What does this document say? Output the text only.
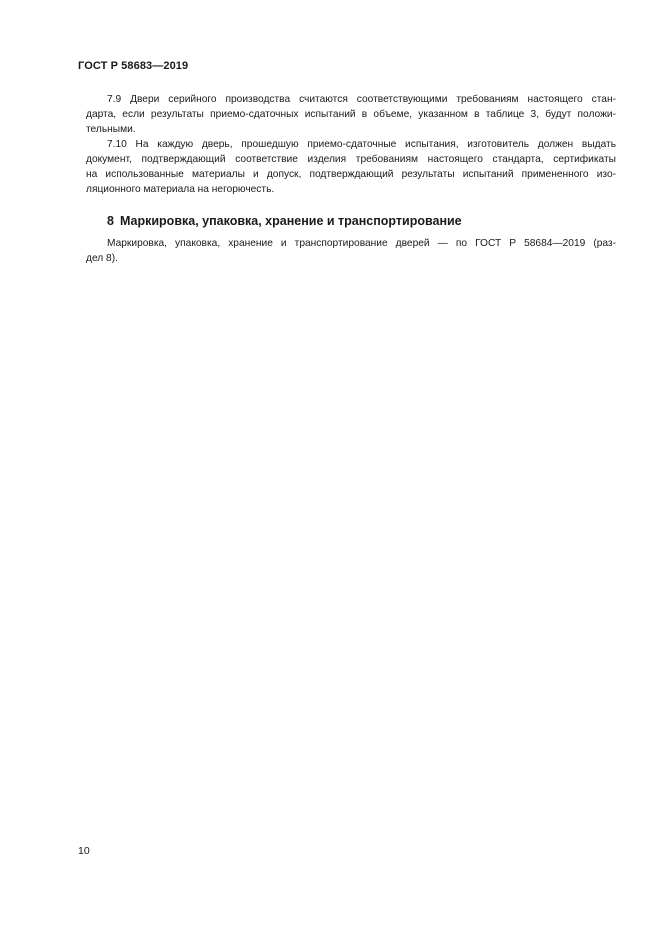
ГОСТ Р 58683—2019

7.9 Двери серийного производства считаются соответствующими требованиям настоящего стан-
дарта, если результаты приемо-сдаточных испытаний в объеме, указанном в таблице 3, будут положи-
тельными.

7.10 На каждую дверь, прошедшую приемо-сдаточные испытания, изготовитель должен выдать
документ, подтверждающий соответствие изделия требованиям настоящего стандарта, сертификаты
на использованные материалы и допуск, подтверждающий результаты испытаний примененного изо-
ляционного материала на негорючесть.

8 Маркировка, упаковка, хранение и транспортирование

Маркировка, упаковка, хранение и транспортирование дверей — по ГОСТ Р 58684—2019 (раз-
дел 8).

10
